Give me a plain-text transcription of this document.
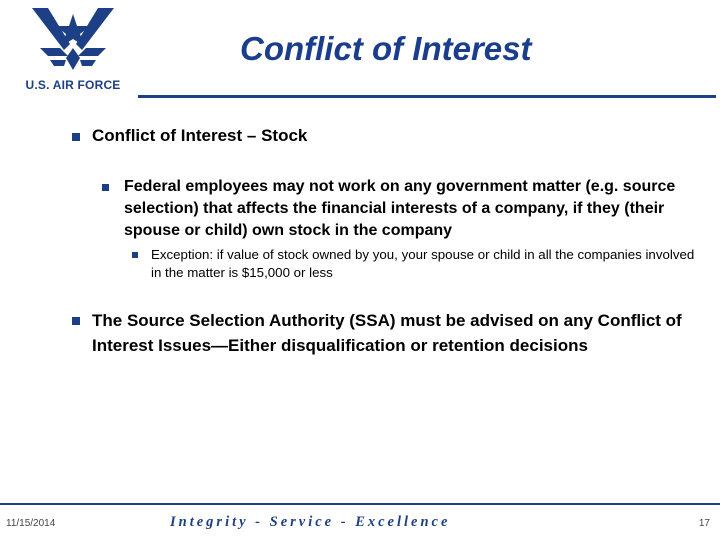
U.S. AIR FORCE
Conflict of Interest
Conflict of Interest – Stock
Federal employees may not work on any government matter (e.g. source selection) that affects the financial interests of a company, if they (their spouse or child) own stock in the company
Exception: if value of stock owned by you, your spouse or child in all the companies involved in the matter is $15,000 or less
The Source Selection Authority (SSA) must be advised on any Conflict of Interest Issues—Either disqualification or retention decisions
11/15/2014	Integrity - Service - Excellence	17
